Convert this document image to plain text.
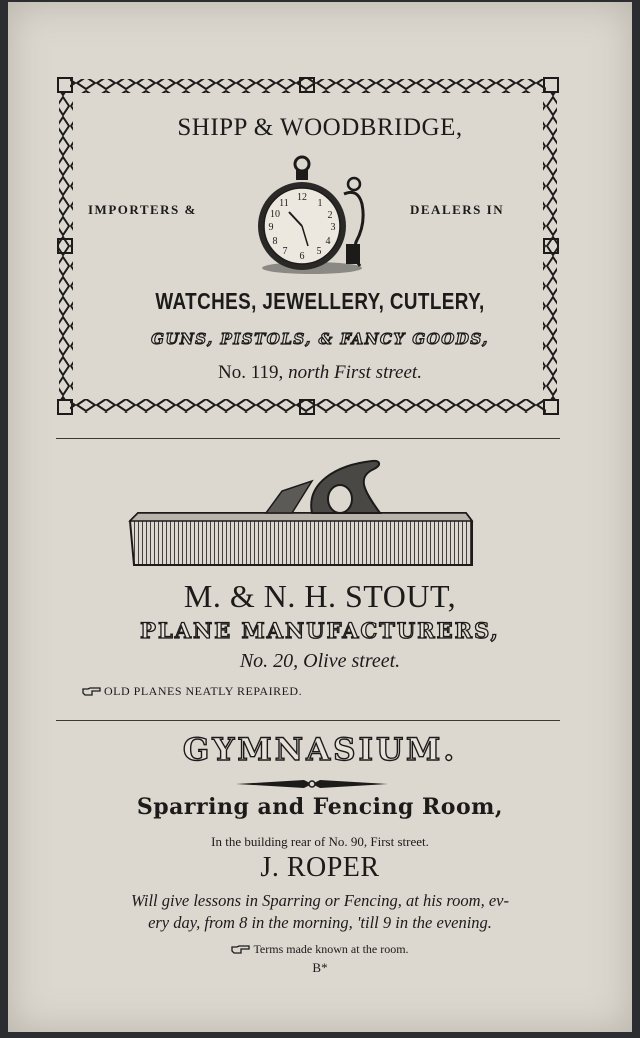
SHIPP & WOODBRIDGE,
IMPORTERS &	DEALERS IN
12
1
2
3
4
5
6
7
8
9
10
11
WATCHES, JEWELLERY, CUTLERY,
GUNS, PISTOLS, & FANCY GOODS,
No. 119, north First street.
M. & N. H. STOUT,
PLANE MANUFACTURERS,
No. 20, Olive street.
OLD PLANES NEATLY REPAIRED.
GYMNASIUM.
Sparring and Fencing Room,
In the building rear of No. 90, First street.
J. ROPER
Will give lessons in Sparring or Fencing, at his room, ev-
ery day, from 8 in the morning, 'till 9 in the evening.
Terms made known at the room.
B*
